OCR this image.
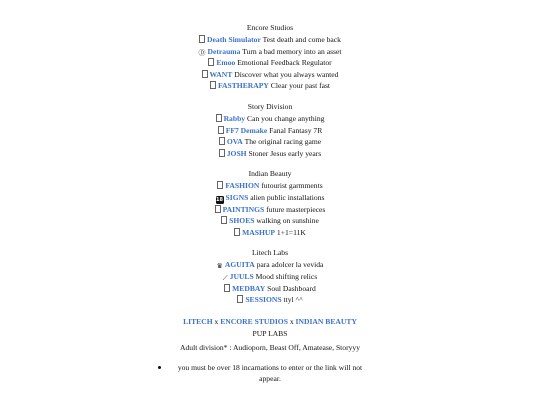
Encore Studios
Death Simulator Test death and come back
Ⓓ Detrauma Turn a bad memory into an asset
Emoo Emotional Feedback Regulator
WANT Discover what you always wanted
FASTHERAPY Clear your past fast
Story Division
Rabby Can you change anything
FF7 Demake Fanal Fantasy 7R
OVA The original racing game
JOSH Stoner Jesus early years
Indian Beauty
FASHION futourist garmments
18 SIGNS alien public installations
PAINTINGS future masterpieces
SHOES walking on sunshine
MASHUP 1+1=11K
Litech Labs
♛ AGUITA para adolcer la vevida
⟋ JUULS Mood shifting relics
MEDBAY Soul Dashboard
SESSIONS ttyl ^^
LITECH x ENCORE STUDIOS x INDIAN BEAUTY
PUP LABS
Adult division* : Audioporn, Beast Off, Amatease, Storyyy
you must be over 18 incarnations to enter or the link will not appear.
